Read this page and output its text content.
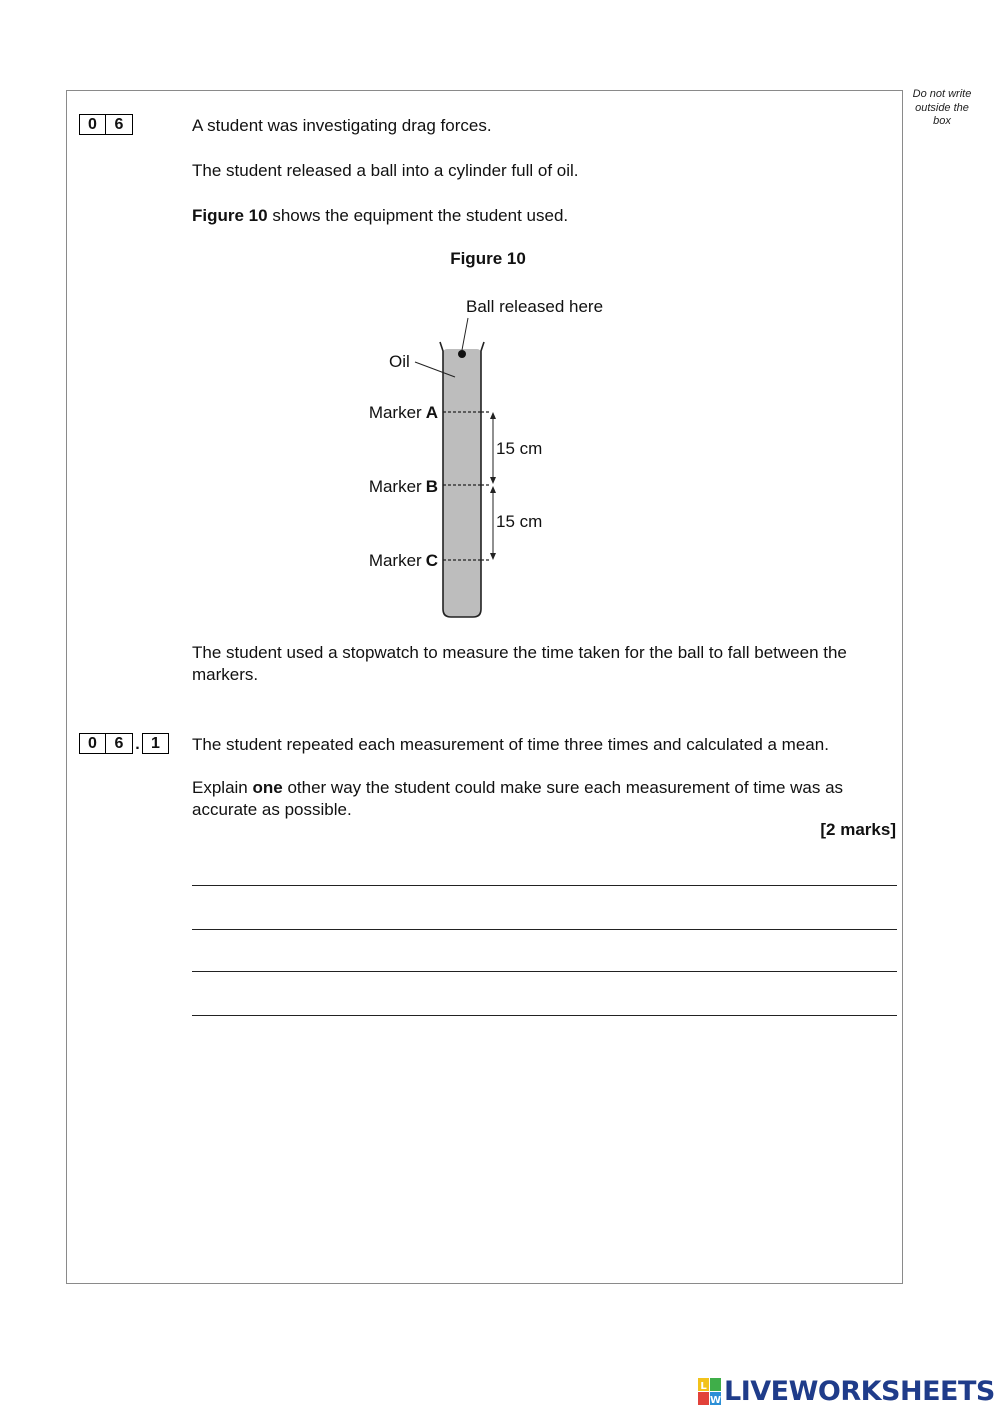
Do not write outside the box
0	6	A student was investigating drag forces.

The student released a ball into a cylinder full of oil.

Figure 10 shows the equipment the student used.

Figure 10
Ball released here
Oil
Marker A
Marker B
Marker C
15 cm
15 cm

The student used a stopwatch to measure the time taken for the ball to fall between the markers.

0	6 . 1	The student repeated each measurement of time three times and calculated a mean.

Explain one other way the student could make sure each measurement of time was as accurate as possible.

[2 marks]
L
W LIVEWORKSHEETS
